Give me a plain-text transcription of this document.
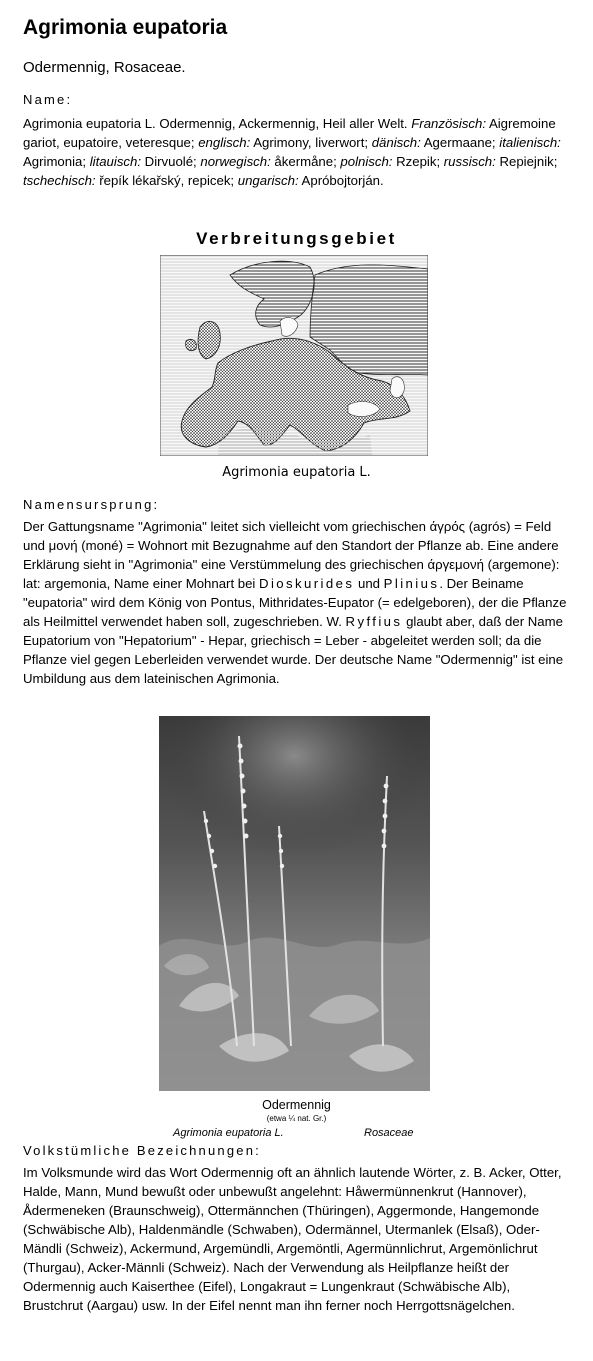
Agrimonia eupatoria

Odermennig, Rosaceae.

Name:

Agrimonia eupatoria L. Odermennig, Ackermennig, Heil aller Welt. Französisch: Aigremoine gariot, eupatoire, veteresque; englisch: Agrimony, liverwort; dänisch: Agermaane; italienisch: Agrimonia; litauisch: Dirvuolé; norwegisch: åkermåne; polnisch: Rzepik; russisch: Repiejnik; tschechisch: řepík lékařský, repicek; ungarisch: Apróbojtorján.

Verbreitungsgebiet

Agrimonia eupatoria L.

Namensursprung:

Der Gattungsname "Agrimonia" leitet sich vielleicht vom griechischen άγρός (agrós) = Feld und μονή (moné) = Wohnort mit Bezugnahme auf den Standort der Pflanze ab. Eine andere Erklärung sieht in "Agrimonia" eine Verstümmelung des griechischen άργεμονή (argemone): lat: argemonia, Name einer Mohnart bei Dioskurides und Plinius. Der Beiname "eupatoria" wird dem König von Pontus, Mithridates-Eupator (= edelgeboren), der die Pflanze als Heilmittel verwendet haben soll, zugeschrieben. W. Ryffius glaubt aber, daß der Name Eupatorium von "Hepatorium" - Hepar, griechisch = Leber - abgeleitet werden soll; da die Pflanze viel gegen Leberleiden verwendet wurde. Der deutsche Name "Odermennig" ist eine Umbildung aus dem lateinischen Agrimonia.

Odermennig

(etwa ¼ nat. Gr.)

Agrimonia eupatoria L.	Rosaceae

Volkstümliche Bezeichnungen:

Im Volksmunde wird das Wort Odermennig oft an ähnlich lautende Wörter, z. B. Acker, Otter, Halde, Mann, Mund bewußt oder unbewußt angelehnt: Håwermünnenkrut (Hannover), Ådermeneken (Braunschweig), Ottermännchen (Thüringen), Aggermonde, Hangemonde (Schwäbische Alb), Haldenmändle (Schwaben), Odermännel, Utermanlek (Elsaß), Oder-Mändli (Schweiz), Ackermund, Argemündli, Argemöntli, Agermünnlichrut, Argemönlichrut (Thurgau), Acker-Männli (Schweiz). Nach der Verwendung als Heilpflanze heißt der Odermennig auch Kaiserthee (Eifel), Longakraut = Lungenkraut (Schwäbische Alb), Brustchrut (Aargau) usw. In der Eifel nennt man ihn ferner noch Herrgottsnägelchen.
